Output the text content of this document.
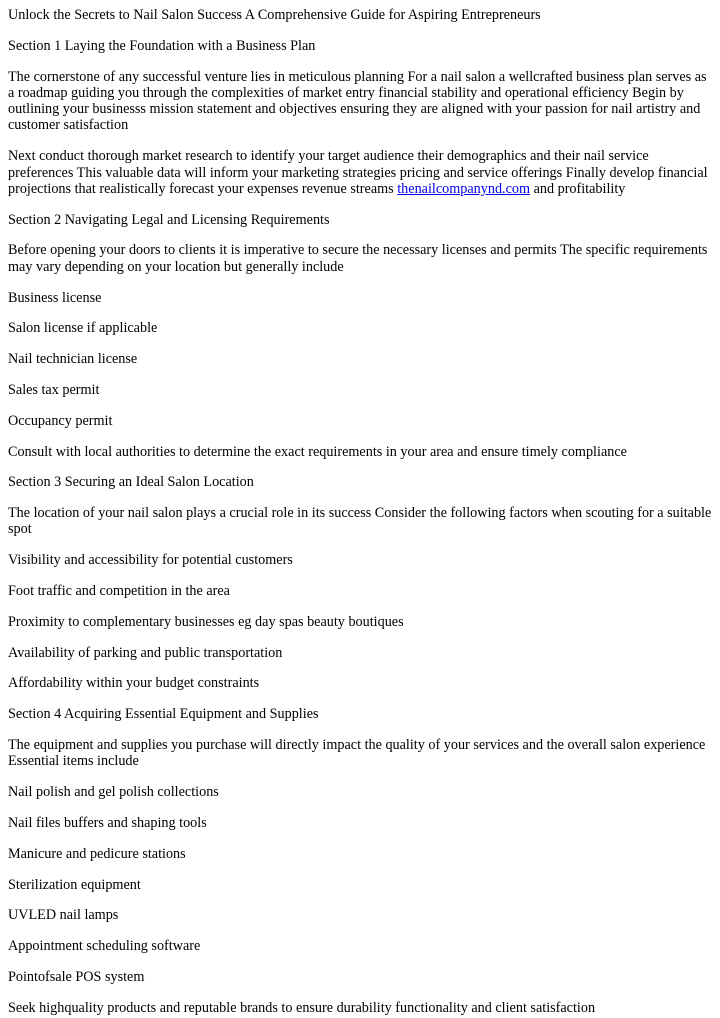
Unlock the Secrets to Nail Salon Success A Comprehensive Guide for Aspiring Entrepreneurs

Section 1 Laying the Foundation with a Business Plan

The cornerstone of any successful venture lies in meticulous planning For a nail salon a wellcrafted business plan serves as a roadmap guiding you through the complexities of market entry financial stability and operational efficiency Begin by outlining your businesss mission statement and objectives ensuring they are aligned with your passion for nail artistry and customer satisfaction

Next conduct thorough market research to identify your target audience their demographics and their nail service preferences This valuable data will inform your marketing strategies pricing and service offerings Finally develop financial projections that realistically forecast your expenses revenue streams thenailcompanynd.com and profitability

Section 2 Navigating Legal and Licensing Requirements

Before opening your doors to clients it is imperative to secure the necessary licenses and permits The specific requirements may vary depending on your location but generally include

Business license

Salon license if applicable

Nail technician license

Sales tax permit

Occupancy permit

Consult with local authorities to determine the exact requirements in your area and ensure timely compliance

Section 3 Securing an Ideal Salon Location

The location of your nail salon plays a crucial role in its success Consider the following factors when scouting for a suitable spot

Visibility and accessibility for potential customers

Foot traffic and competition in the area

Proximity to complementary businesses eg day spas beauty boutiques

Availability of parking and public transportation

Affordability within your budget constraints

Section 4 Acquiring Essential Equipment and Supplies

The equipment and supplies you purchase will directly impact the quality of your services and the overall salon experience Essential items include

Nail polish and gel polish collections

Nail files buffers and shaping tools

Manicure and pedicure stations

Sterilization equipment

UVLED nail lamps

Appointment scheduling software

Pointofsale POS system

Seek highquality products and reputable brands to ensure durability functionality and client satisfaction
